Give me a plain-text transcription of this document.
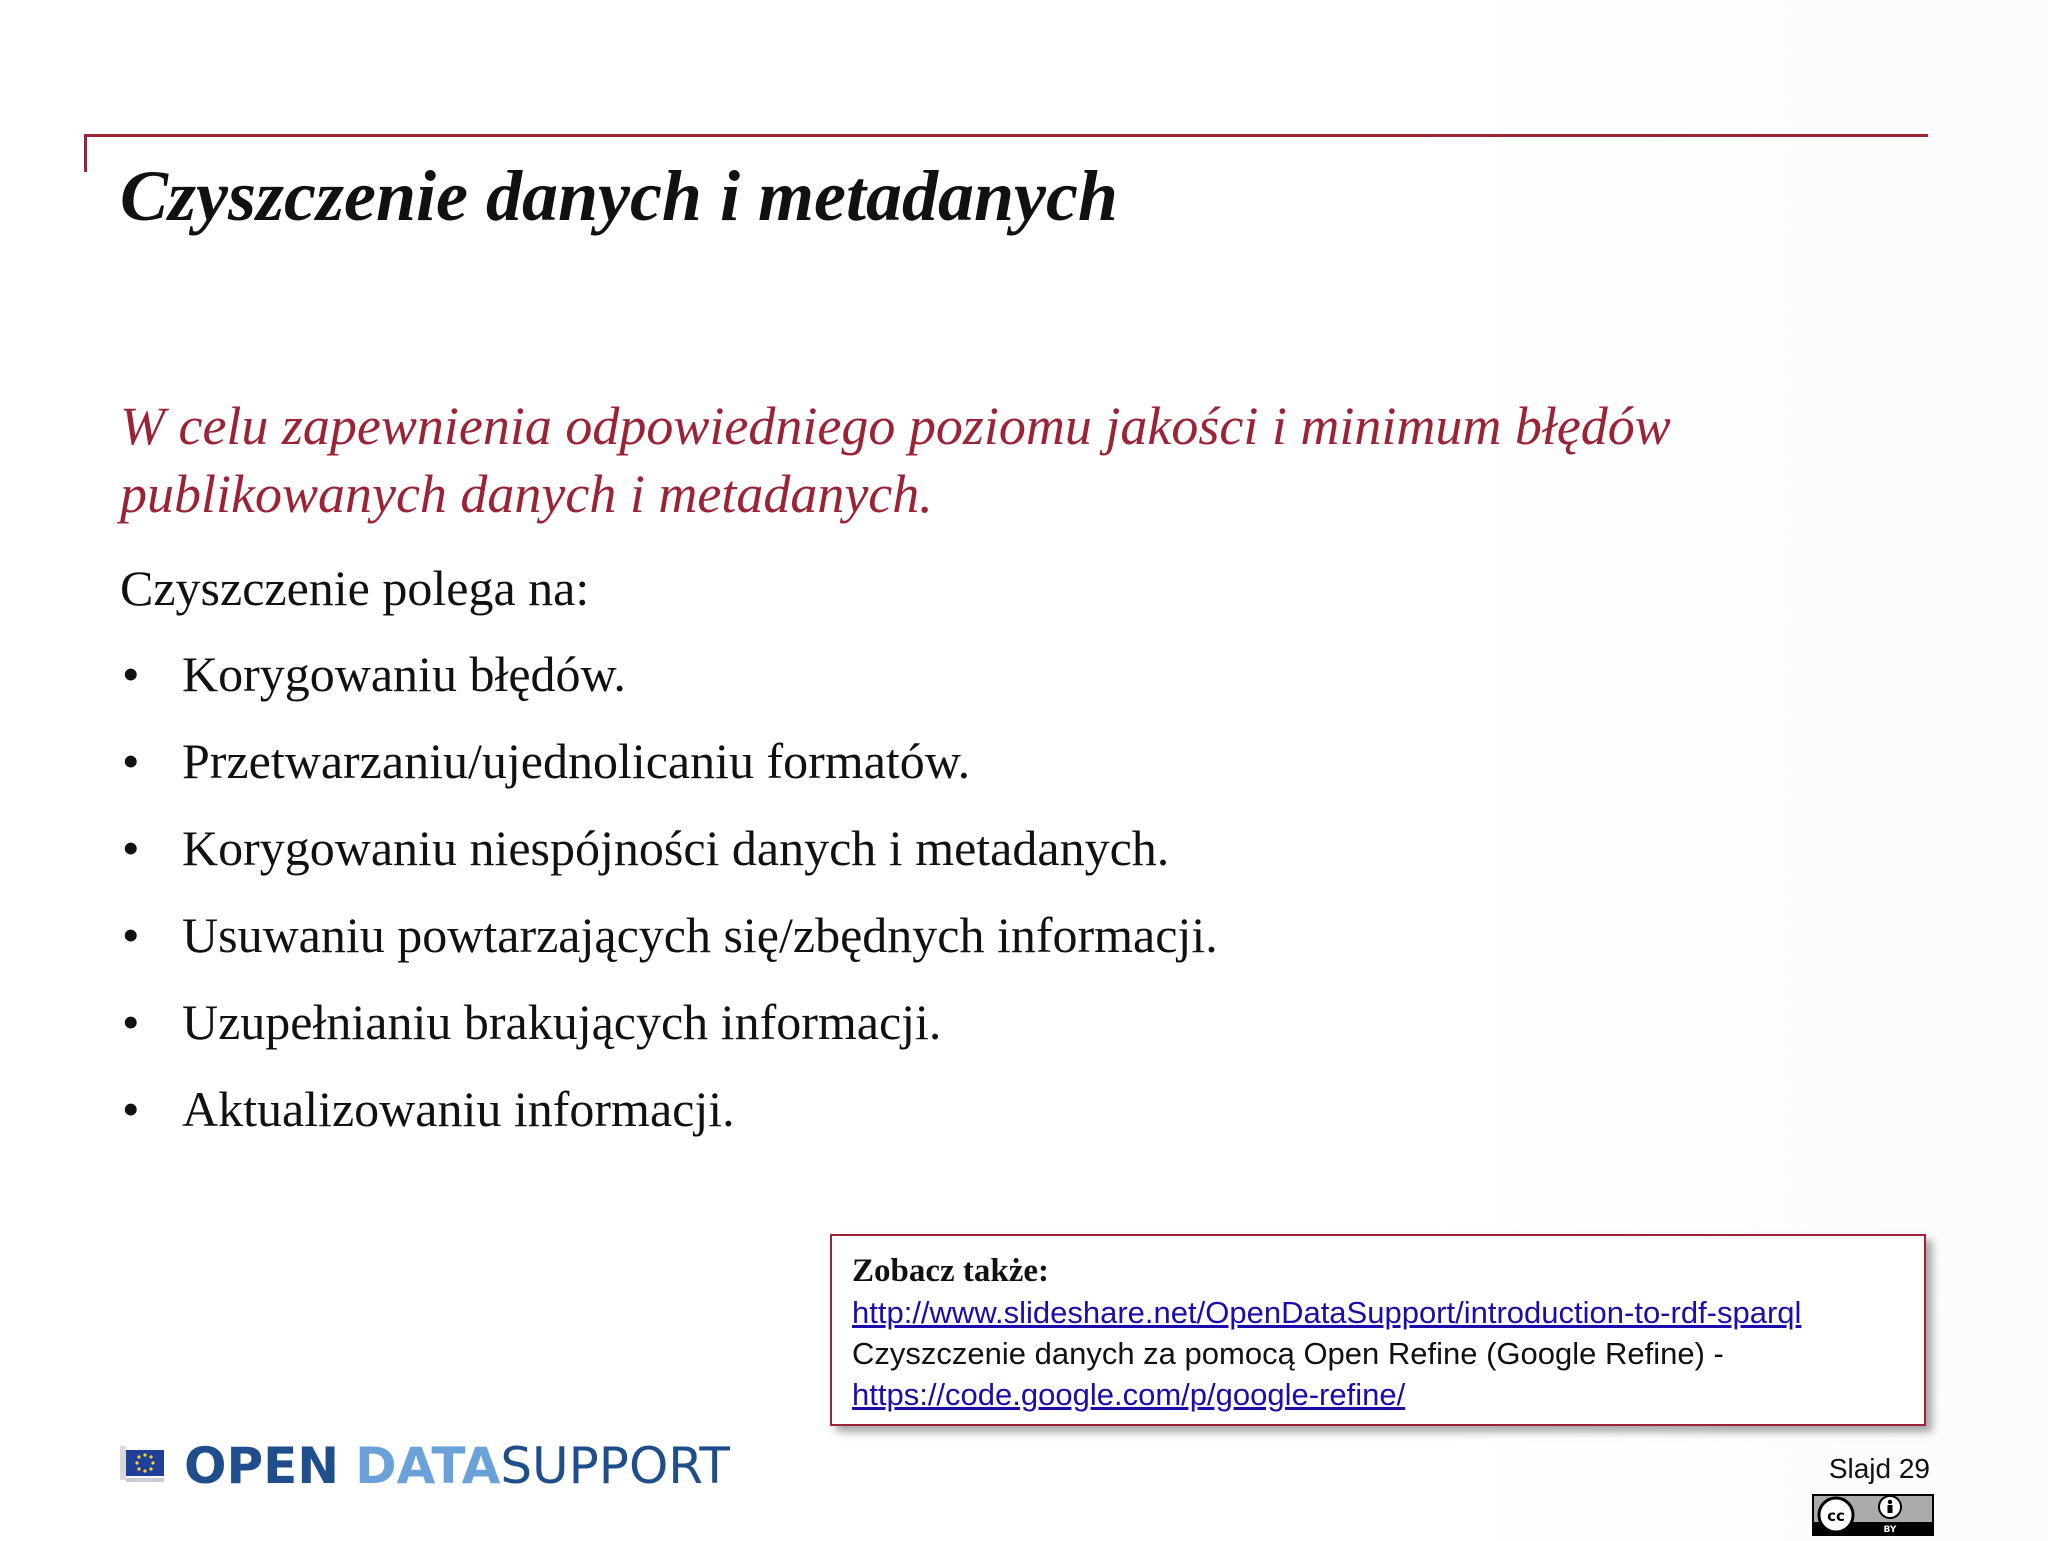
Czyszczenie danych i metadanych

W celu zapewnienia odpowiedniego poziomu jakości i minimum błędów publikowanych danych i metadanych.

Czyszczenie polega na:

• Korygowaniu błędów.
• Przetwarzaniu/ujednolicaniu formatów.
• Korygowaniu niespójności danych i metadanych.
• Usuwaniu powtarzających się/zbędnych informacji.
• Uzupełnianiu brakujących informacji.
• Aktualizowaniu informacji.
Zobacz także:
http://www.slideshare.net/OpenDataSupport/introduction-to-rdf-sparql
Czyszczenie danych za pomocą Open Refine (Google Refine) -
https://code.google.com/p/google-refine/
OPEN DATASUPPORT	Slajd 29
cc
BY
